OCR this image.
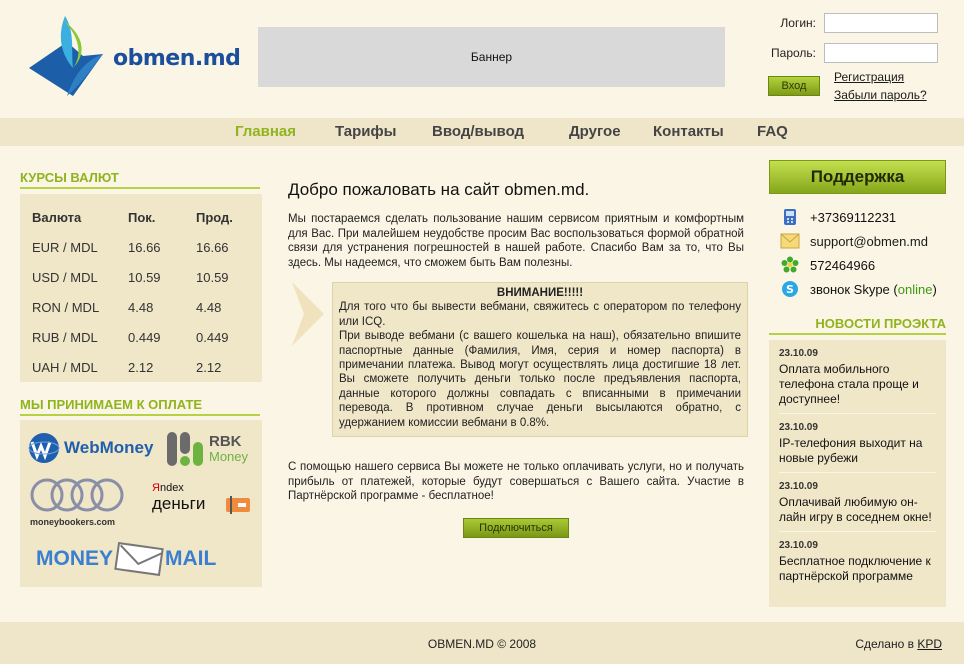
obmen.md	Баннер
Логин:
Пароль:
Вход
Регистрация
Забыли пароль?
Главная	Тарифы Ввод/вывод	Другое Контакты FAQ
КУРСЫ ВАЛЮТ
Валюта	Пок.	Прод.
EUR / MDL	16.66	16.66
USD / MDL	10.59	10.59
RON / MDL	4.48	4.48
RUB / MDL	0.449	0.449
UAH / MDL	2.12	2.12
МЫ ПРИНИМАЕМ К ОПЛАТЕ
WebMoney	RBK
Money
moneybookers.com
Яndex
деньги
MONEY MAIL
Добро пожаловать на сайт obmen.md.
Мы постараемся сделать пользование нашим сервисом приятным и комфортным для Вас. При малейшем неудобстве просим Вас воспользоваться формой обратной связи для устранения погрешностей в нашей работе. Спасибо Вам за то, что Вы здесь. Мы надеемся, что сможем быть Вам полезны.
ВНИМАНИЕ!!!!!
Для того что бы вывести вебмани, свяжитесь с оператором по телефону или ICQ.
При выводе вебмани (с вашего кошелька на наш), обязательно впишите паспортные данные (Фамилия, Имя, серия и номер паспорта) в примечании платежа. Вывод могут осуществлять лица достигшие 18 лет. Вы сможете получить деньги только после предъявления паспорта, данные которого должны совпадать с вписанными в примечании перевода. В противном случае деньги высылаются обратно, с удержанием комиссии вебмани в 0.8%.
С помощью нашего сервиса Вы можете не только оплачивать услуги, но и получать прибыль от платежей, которые будут совершаться с Вашего сайта. Участие в Партнёрской программе - бесплатное!
Подключиться
Поддержка
+37369112231
support@obmen.md
572464966
S звонок Skype ( online )
НОВОСТИ ПРОЭКТА
23.10.09
Оплата мобильного телефона стала проще и доступнее!
23.10.09
IP-телефония выходит на новые рубежи
23.10.09
Оплачивай любимую он-лайн игру в соседнем окне!
23.10.09
Бесплатное подключение к партнёрской программе
OBMEN.MD © 2008	Сделано в KPD
